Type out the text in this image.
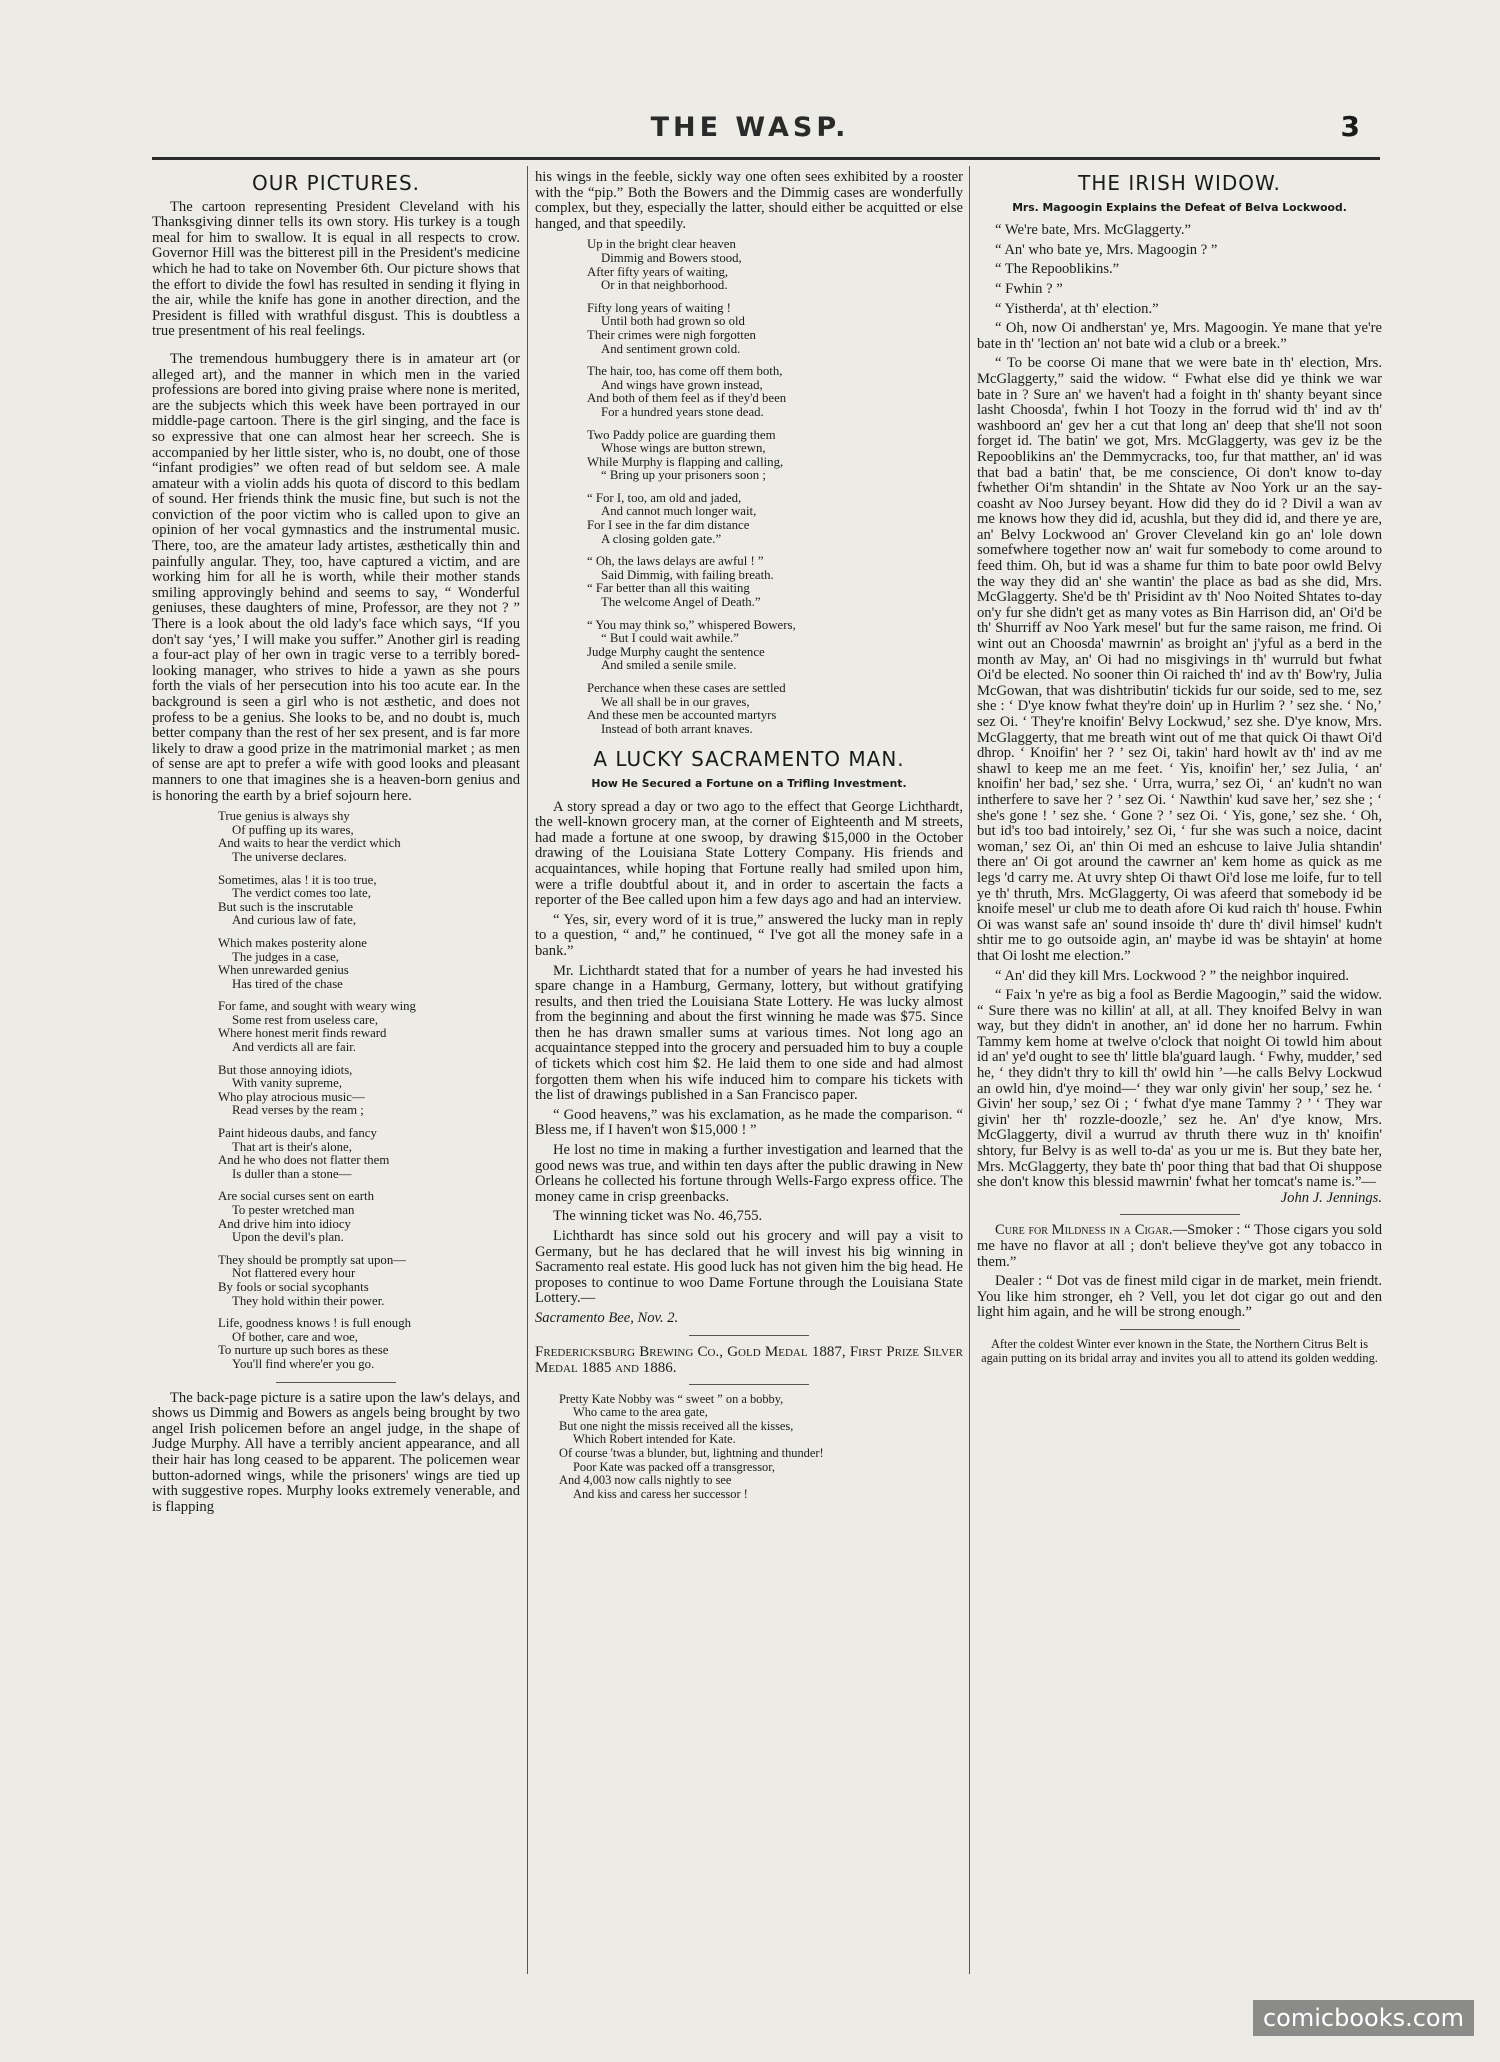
THE WASP.	3
OUR PICTURES.

The cartoon representing President Cleveland with his Thanksgiving dinner tells its own story. His turkey is a tough meal for him to swallow. It is equal in all respects to crow. Governor Hill was the bitterest pill in the President's medicine which he had to take on November 6th. Our picture shows that the effort to divide the fowl has resulted in sending it flying in the air, while the knife has gone in another direction, and the President is filled with wrathful disgust. This is doubtless a true presentment of his real feelings.

The tremendous humbuggery there is in amateur art (or alleged art), and the manner in which men in the varied professions are bored into giving praise where none is merited, are the subjects which this week have been portrayed in our middle-page cartoon. There is the girl singing, and the face is so expressive that one can almost hear her screech. She is accompanied by her little sister, who is, no doubt, one of those “infant prodigies” we often read of but seldom see. A male amateur with a violin adds his quota of discord to this bedlam of sound. Her friends think the music fine, but such is not the conviction of the poor victim who is called upon to give an opinion of her vocal gymnastics and the instrumental music. There, too, are the amateur lady artistes, æsthetically thin and painfully angular. They, too, have captured a victim, and are working him for all he is worth, while their mother stands smiling approvingly behind and seems to say, “ Wonderful geniuses, these daughters of mine, Professor, are they not ? ” There is a look about the old lady's face which says, “If you don't say ‘yes,’ I will make you suffer.” Another girl is reading a four-act play of her own in tragic verse to a terribly bored-looking manager, who strives to hide a yawn as she pours forth the vials of her persecution into his too acute ear. In the background is seen a girl who is not æsthetic, and does not profess to be a genius. She looks to be, and no doubt is, much better company than the rest of her sex present, and is far more likely to draw a good prize in the matrimonial market ; as men of sense are apt to prefer a wife with good looks and pleasant manners to one that imagines she is a heaven-born genius and is honoring the earth by a brief sojourn here.

True genius is always shy
Of puffing up its wares,
And waits to hear the verdict which
The universe declares.
Sometimes, alas ! it is too true,
The verdict comes too late,
But such is the inscrutable
And curious law of fate,
Which makes posterity alone
The judges in a case,
When unrewarded genius
Has tired of the chase
For fame, and sought with weary wing
Some rest from useless care,
Where honest merit finds reward
And verdicts all are fair.
But those annoying idiots,
With vanity supreme,
Who play atrocious music—
Read verses by the ream ;
Paint hideous daubs, and fancy
That art is their's alone,
And he who does not flatter them
Is duller than a stone—
Are social curses sent on earth
To pester wretched man
And drive him into idiocy
Upon the devil's plan.
They should be promptly sat upon—
Not flattered every hour
By fools or social sycophants
They hold within their power.
Life, goodness knows ! is full enough
Of bother, care and woe,
To nurture up such bores as these
You'll find where'er you go.

The back-page picture is a satire upon the law's delays, and shows us Dimmig and Bowers as angels being brought by two angel Irish policemen before an angel judge, in the shape of Judge Murphy. All have a terribly ancient appearance, and all their hair has long ceased to be apparent. The policemen wear button-adorned wings, while the prisoners' wings are tied up with suggestive ropes. Murphy looks extremely venerable, and is flapping

his wings in the feeble, sickly way one often sees exhibited by a rooster with the “pip.” Both the Bowers and the Dimmig cases are wonderfully complex, but they, especially the latter, should either be acquitted or else hanged, and that speedily.

Up in the bright clear heaven
Dimmig and Bowers stood,
After fifty years of waiting,
Or in that neighborhood.
Fifty long years of waiting !
Until both had grown so old
Their crimes were nigh forgotten
And sentiment grown cold.
The hair, too, has come off them both,
And wings have grown instead,
And both of them feel as if they'd been
For a hundred years stone dead.
Two Paddy police are guarding them
Whose wings are button strewn,
While Murphy is flapping and calling,
“ Bring up your prisoners soon ;
“ For I, too, am old and jaded,
And cannot much longer wait,
For I see in the far dim distance
A closing golden gate.”
“ Oh, the laws delays are awful ! ”
Said Dimmig, with failing breath.
“ Far better than all this waiting
The welcome Angel of Death.”
“ You may think so,” whispered Bowers,
“ But I could wait awhile.”
Judge Murphy caught the sentence
And smiled a senile smile.
Perchance when these cases are settled
We all shall be in our graves,
And these men be accounted martyrs
Instead of both arrant knaves.
A LUCKY SACRAMENTO MAN.
How He Secured a Fortune on a Trifling Investment.

A story spread a day or two ago to the effect that George Lichthardt, the well-known grocery man, at the corner of Eighteenth and M streets, had made a fortune at one swoop, by drawing $15,000 in the October drawing of the Louisiana State Lottery Company. His friends and acquaintances, while hoping that Fortune really had smiled upon him, were a trifle doubtful about it, and in order to ascertain the facts a reporter of the Bee called upon him a few days ago and had an interview.

“ Yes, sir, every word of it is true,” answered the lucky man in reply to a question, “ and,” he continued, “ I've got all the money safe in a bank.”

Mr. Lichthardt stated that for a number of years he had invested his spare change in a Hamburg, Germany, lottery, but without gratifying results, and then tried the Louisiana State Lottery. He was lucky almost from the beginning and about the first winning he made was $75. Since then he has drawn smaller sums at various times. Not long ago an acquaintance stepped into the grocery and persuaded him to buy a couple of tickets which cost him $2. He laid them to one side and had almost forgotten them when his wife induced him to compare his tickets with the list of drawings published in a San Francisco paper.

“ Good heavens,” was his exclamation, as he made the comparison. “ Bless me, if I haven't won $15,000 ! ”

He lost no time in making a further investigation and learned that the good news was true, and within ten days after the public drawing in New Orleans he collected his fortune through Wells-Fargo express office. The money came in crisp greenbacks.

The winning ticket was No. 46,755.

Lichthardt has since sold out his grocery and will pay a visit to Germany, but he has declared that he will invest his big winning in Sacramento real estate. His good luck has not given him the big head. He proposes to continue to woo Dame Fortune through the Louisiana State Lottery.—

Sacramento Bee, Nov. 2.
Fredericksburg Brewing Co., Gold Medal 1887, First Prize Silver Medal 1885 and 1886.
Pretty Kate Nobby was “ sweet ” on a bobby,
Who came to the area gate,
But one night the missis received all the kisses,
Which Robert intended for Kate.
Of course 'twas a blunder, but, lightning and thunder!
Poor Kate was packed off a transgressor,
And 4,003 now calls nightly to see
And kiss and caress her successor !
THE IRISH WIDOW.
Mrs. Magoogin Explains the Defeat of Belva Lockwood.

“ We're bate, Mrs. McGlaggerty.”

“ An' who bate ye, Mrs. Magoogin ? ”

“ The Repooblikins.”

“ Fwhin ? ”

“ Yistherda', at th' election.”

“ Oh, now Oi andherstan' ye, Mrs. Magoogin. Ye mane that ye're bate in th' 'lection an' not bate wid a club or a breek.”

“ To be coorse Oi mane that we were bate in th' election, Mrs. McGlaggerty,” said the widow. “ Fwhat else did ye think we war bate in ? Sure an' we haven't had a foight in th' shanty beyant since lasht Choosda', fwhin I hot Toozy in the forrud wid th' ind av th' washboord an' gev her a cut that long an' deep that she'll not soon forget id. The batin' we got, Mrs. McGlaggerty, was gev iz be the Repooblikins an' the Demmycracks, too, fur that matther, an' id was that bad a batin' that, be me conscience, Oi don't know to-day fwhether Oi'm shtandin' in the Shtate av Noo York ur an the say-coasht av Noo Jursey beyant. How did they do id ? Divil a wan av me knows how they did id, acushla, but they did id, and there ye are, an' Belvy Lockwood an' Grover Cleveland kin go an' lole down somefwhere together now an' wait fur somebody to come around to feed thim. Oh, but id was a shame fur thim to bate poor owld Belvy the way they did an' she wantin' the place as bad as she did, Mrs. McGlaggerty. She'd be th' Prisidint av th' Noo Noited Shtates to-day on'y fur she didn't get as many votes as Bin Harrison did, an' Oi'd be th' Shurriff av Noo Yark mesel' but fur the same raison, me frind. Oi wint out an Choosda' mawrnin' as broight an' j'yful as a berd in the month av May, an' Oi had no misgivings in th' wurruld but fwhat Oi'd be elected. No sooner thin Oi raiched th' ind av th' Bow'ry, Julia McGowan, that was dishtributin' tickids fur our soide, sed to me, sez she : ‘ D'ye know fwhat they're doin' up in Hurlim ? ’ sez she. ‘ No,’ sez Oi. ‘ They're knoifin' Belvy Lockwud,’ sez she. D'ye know, Mrs. McGlaggerty, that me breath wint out of me that quick Oi thawt Oi'd dhrop. ‘ Knoifin' her ? ’ sez Oi, takin' hard howlt av th' ind av me shawl to keep me an me feet. ‘ Yis, knoifin' her,’ sez Julia, ‘ an' knoifin' her bad,’ sez she. ‘ Urra, wurra,’ sez Oi, ‘ an' kudn't no wan intherfere to save her ? ’ sez Oi. ‘ Nawthin' kud save her,’ sez she ; ‘ she's gone ! ’ sez she. ‘ Gone ? ’ sez Oi. ‘ Yis, gone,’ sez she. ‘ Oh, but id's too bad intoirely,’ sez Oi, ‘ fur she was such a noice, dacint woman,’ sez Oi, an' thin Oi med an eshcuse to laive Julia shtandin' there an' Oi got around the cawrner an' kem home as quick as me legs 'd carry me. At uvry shtep Oi thawt Oi'd lose me loife, fur to tell ye th' thruth, Mrs. McGlaggerty, Oi was afeerd that somebody id be knoife mesel' ur club me to death afore Oi kud raich th' house. Fwhin Oi was wanst safe an' sound insoide th' dure th' divil himsel' kudn't shtir me to go outsoide agin, an' maybe id was be shtayin' at home that Oi losht me election.”

“ An' did they kill Mrs. Lockwood ? ” the neighbor inquired.

“ Faix 'n ye're as big a fool as Berdie Magoogin,” said the widow. “ Sure there was no killin' at all, at all. They knoifed Belvy in wan way, but they didn't in another, an' id done her no harrum. Fwhin Tammy kem home at twelve o'clock that noight Oi towld him about id an' ye'd ought to see th' little bla'guard laugh. ‘ Fwhy, mudder,’ sed he, ‘ they didn't thry to kill th' owld hin ’—he calls Belvy Lockwud an owld hin, d'ye moind—‘ they war only givin' her soup,’ sez he. ‘ Givin' her soup,’ sez Oi ; ‘ fwhat d'ye mane Tammy ? ’ ‘ They war givin' her th' rozzle-doozle,’ sez he. An' d'ye know, Mrs. McGlaggerty, divil a wurrud av thruth there wuz in th' knoifin' shtory, fur Belvy is as well to-da' as you ur me is. But they bate her, Mrs. McGlaggerty, they bate th' poor thing that bad that Oi shuppose she don't know this blessid mawrnin' fwhat her tomcat's name is.”—

John J. Jennings.

Cure for Mildness in a Cigar.—Smoker : “ Those cigars you sold me have no flavor at all ; don't believe they've got any tobacco in them.”

Dealer : “ Dot vas de finest mild cigar in de market, mein friendt. You like him stronger, eh ? Vell, you let dot cigar go out and den light him again, and he will be strong enough.”

After the coldest Winter ever known in the State, the Northern Citrus Belt is again putting on its bridal array and invites you all to attend its golden wedding.
comicbooks.com
